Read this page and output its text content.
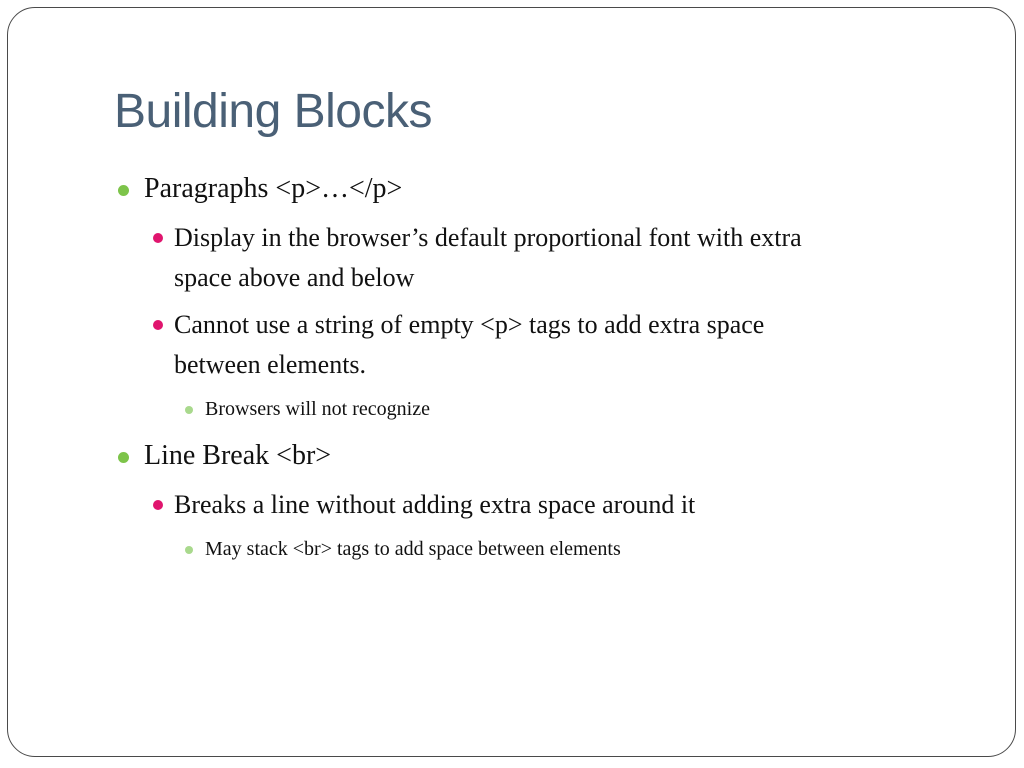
Building Blocks
Paragraphs <p>…</p>
Display in the browser’s default proportional font with extra
space above and below
Cannot use a string of empty <p> tags to add extra space
between elements.
Browsers will not recognize
Line Break <br>
Breaks a line without adding extra space around it
May stack <br> tags to add space between elements
